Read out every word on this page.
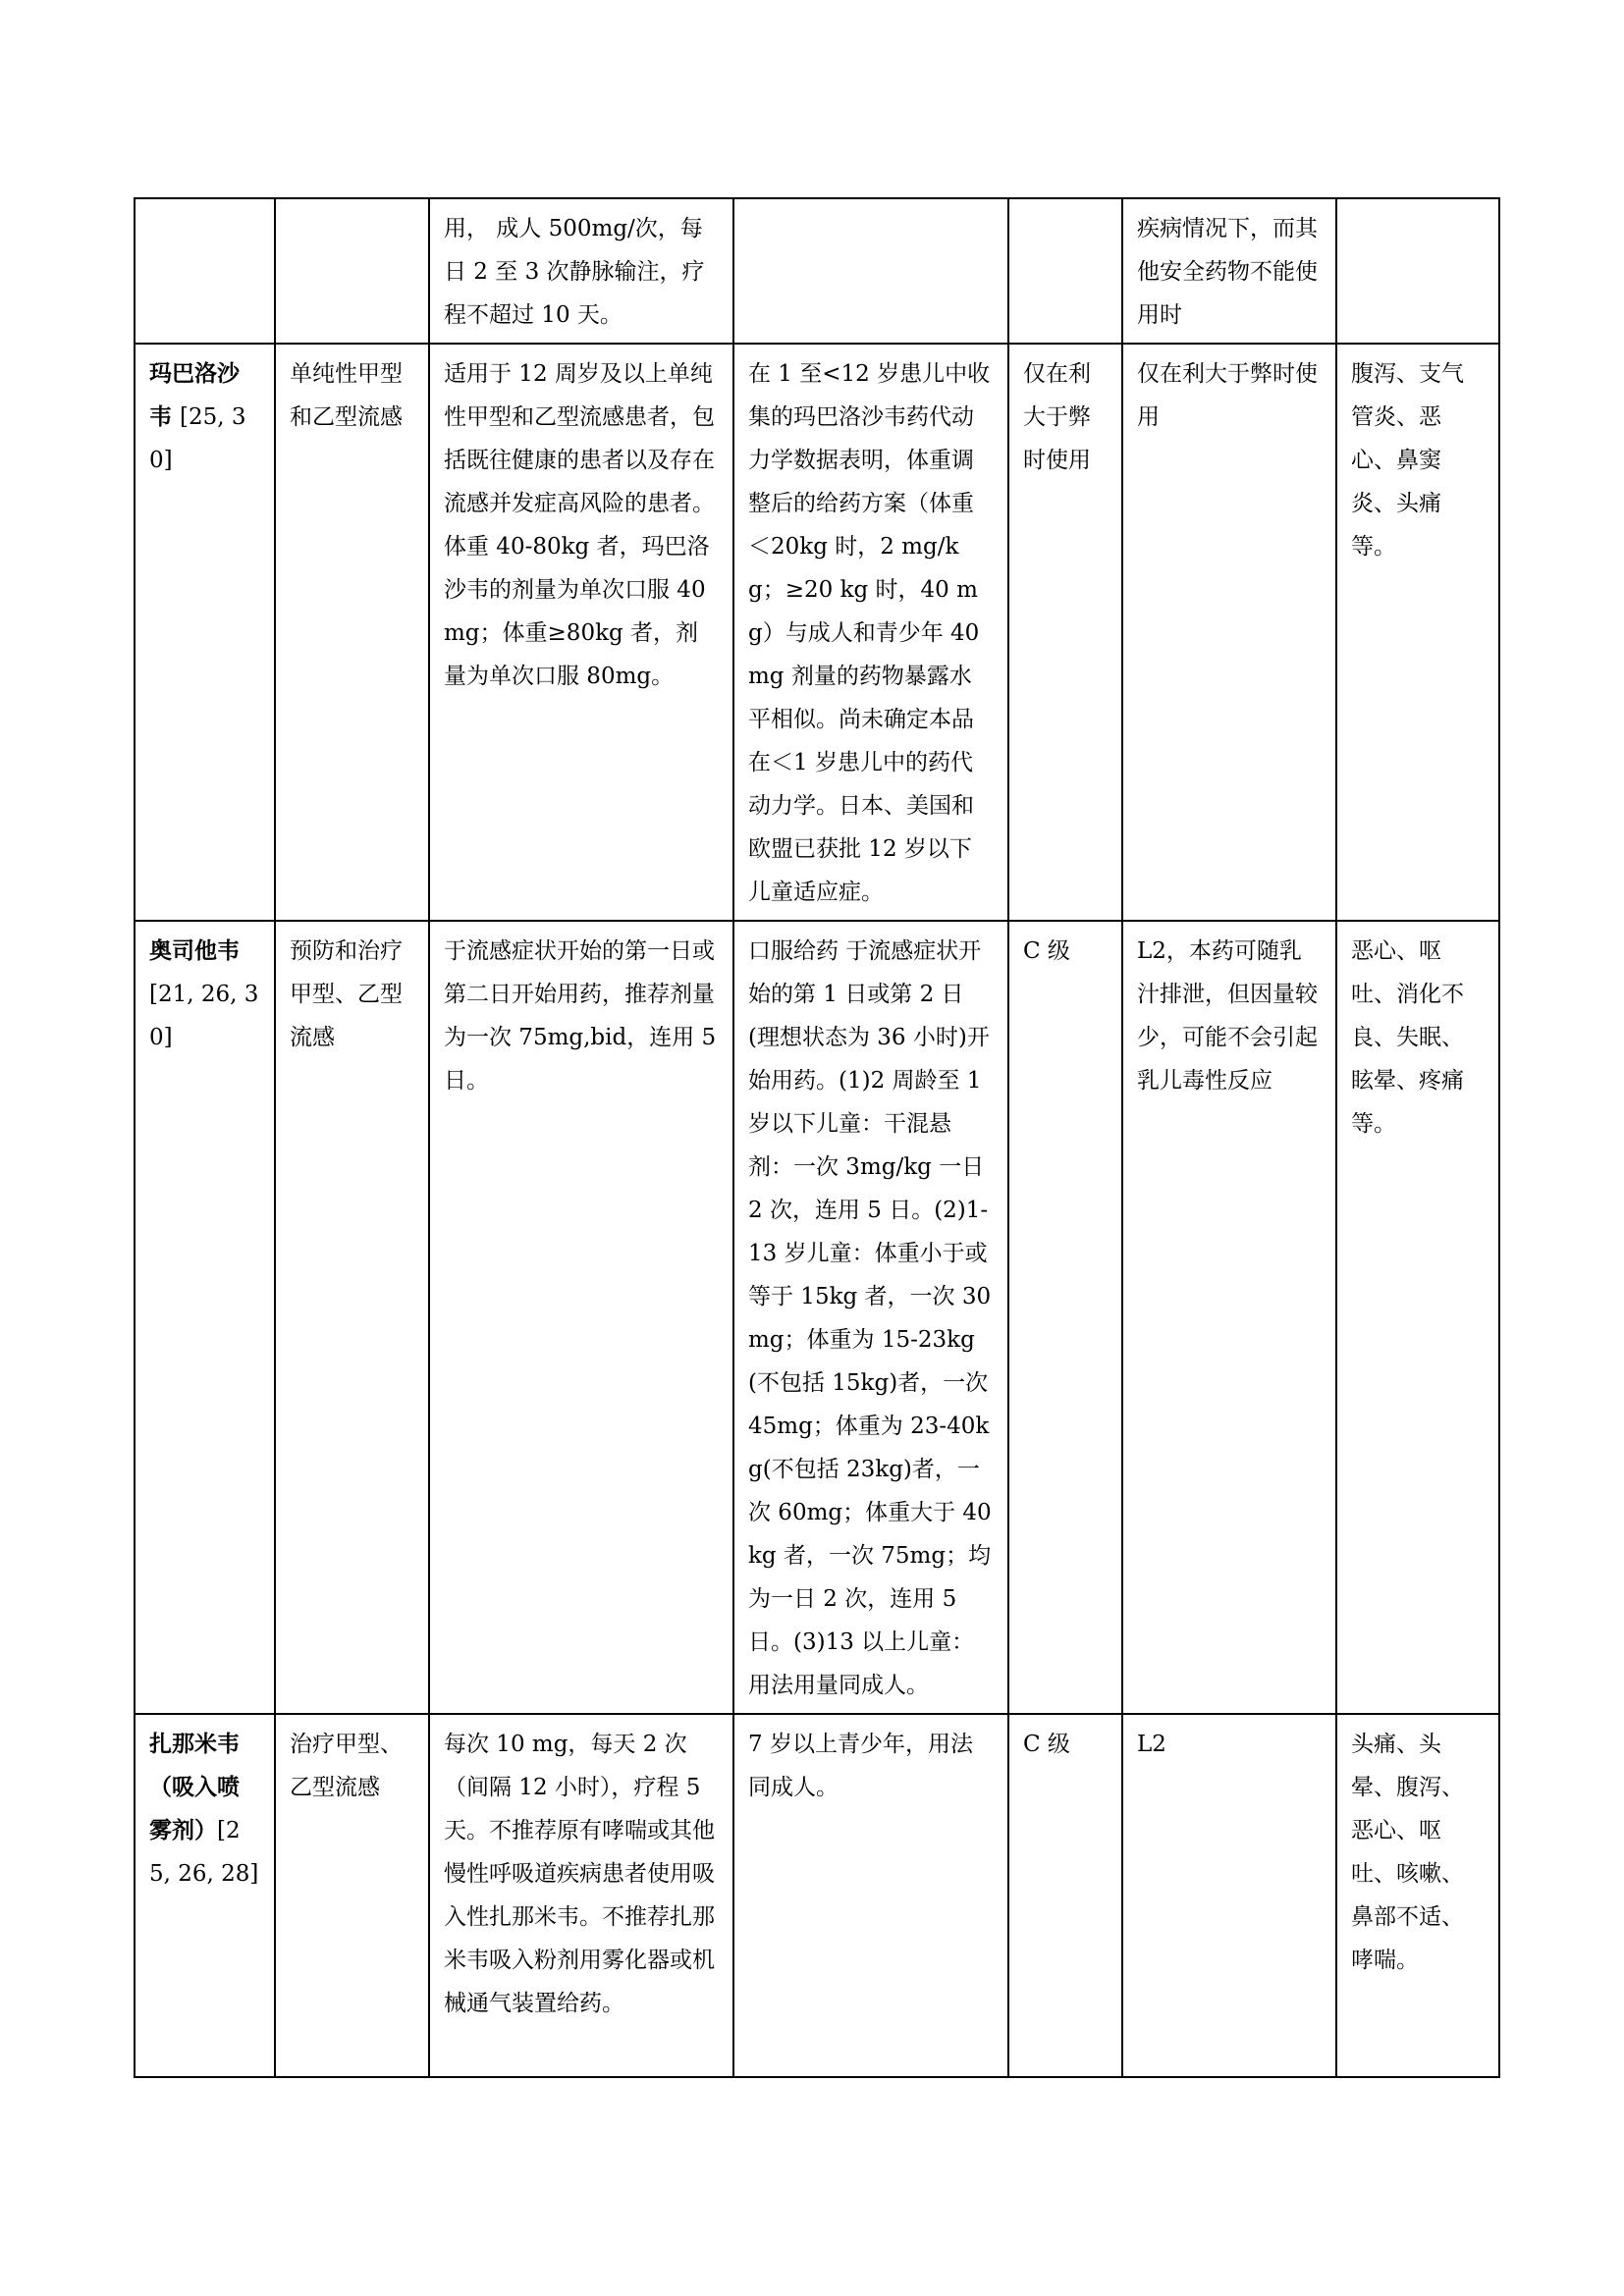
		用， 成人 500mg/次，每日 2 至 3 次静脉输注，疗程不超过 10 天。			疾病情况下，而其他安全药物不能使用时	
玛巴洛沙韦 [25, 30]	单纯性甲型和乙型流感	适用于 12 周岁及以上单纯性甲型和乙型流感患者，包括既往健康的患者以及存在流感并发症高风险的患者。体重 40-80kg 者，玛巴洛沙韦的剂量为单次口服 40mg；体重≥80kg 者，剂量为单次口服 80mg。	在 1 至<12 岁患儿中收集的玛巴洛沙韦药代动力学数据表明，体重调整后的给药方案（体重＜20kg 时，2 mg/kg；≥20 kg 时，40 mg）与成人和青少年 40 mg 剂量的药物暴露水平相似。尚未确定本品在＜1 岁患儿中的药代动力学。日本、美国和欧盟已获批 12 岁以下儿童适应症。	仅在利大于弊时使用	仅在利大于弊时使用	腹泻、支气管炎、恶心、鼻窦炎、头痛等。
奥司他韦 [21, 26, 30]	预防和治疗甲型、乙型流感	于流感症状开始的第一日或第二日开始用药，推荐剂量为一次 75mg,bid，连用 5 日。	口服给药 于流感症状开始的第 1 日或第 2 日(理想状态为 36 小时)开始用药。(1)2 周龄至 1 岁以下儿童：干混悬剂：一次 3mg/kg 一日 2 次，连用 5 日。(2)1-13 岁儿童：体重小于或等于 15kg 者，一次 30mg；体重为 15-23kg(不包括 15kg)者，一次 45mg；体重为 23-40kg(不包括 23kg)者，一次 60mg；体重大于 40kg 者，一次 75mg；均为一日 2 次，连用 5 日。(3)13 以上儿童：用法用量同成人。	C 级	L2，本药可随乳汁排泄，但因量较少，可能不会引起乳儿毒性反应	恶心、呕吐、消化不良、失眠、眩晕、疼痛等。
扎那米韦（吸入喷雾剂）[25, 26, 28]	治疗甲型、乙型流感	每次 10 mg，每天 2 次（间隔 12 小时），疗程 5 天。不推荐原有哮喘或其他慢性呼吸道疾病患者使用吸入性扎那米韦。不推荐扎那米韦吸入粉剂用雾化器或机械通气装置给药。	7 岁以上青少年，用法同成人。	C 级	L2	头痛、头晕、腹泻、恶心、呕吐、咳嗽、鼻部不适、哮喘。
